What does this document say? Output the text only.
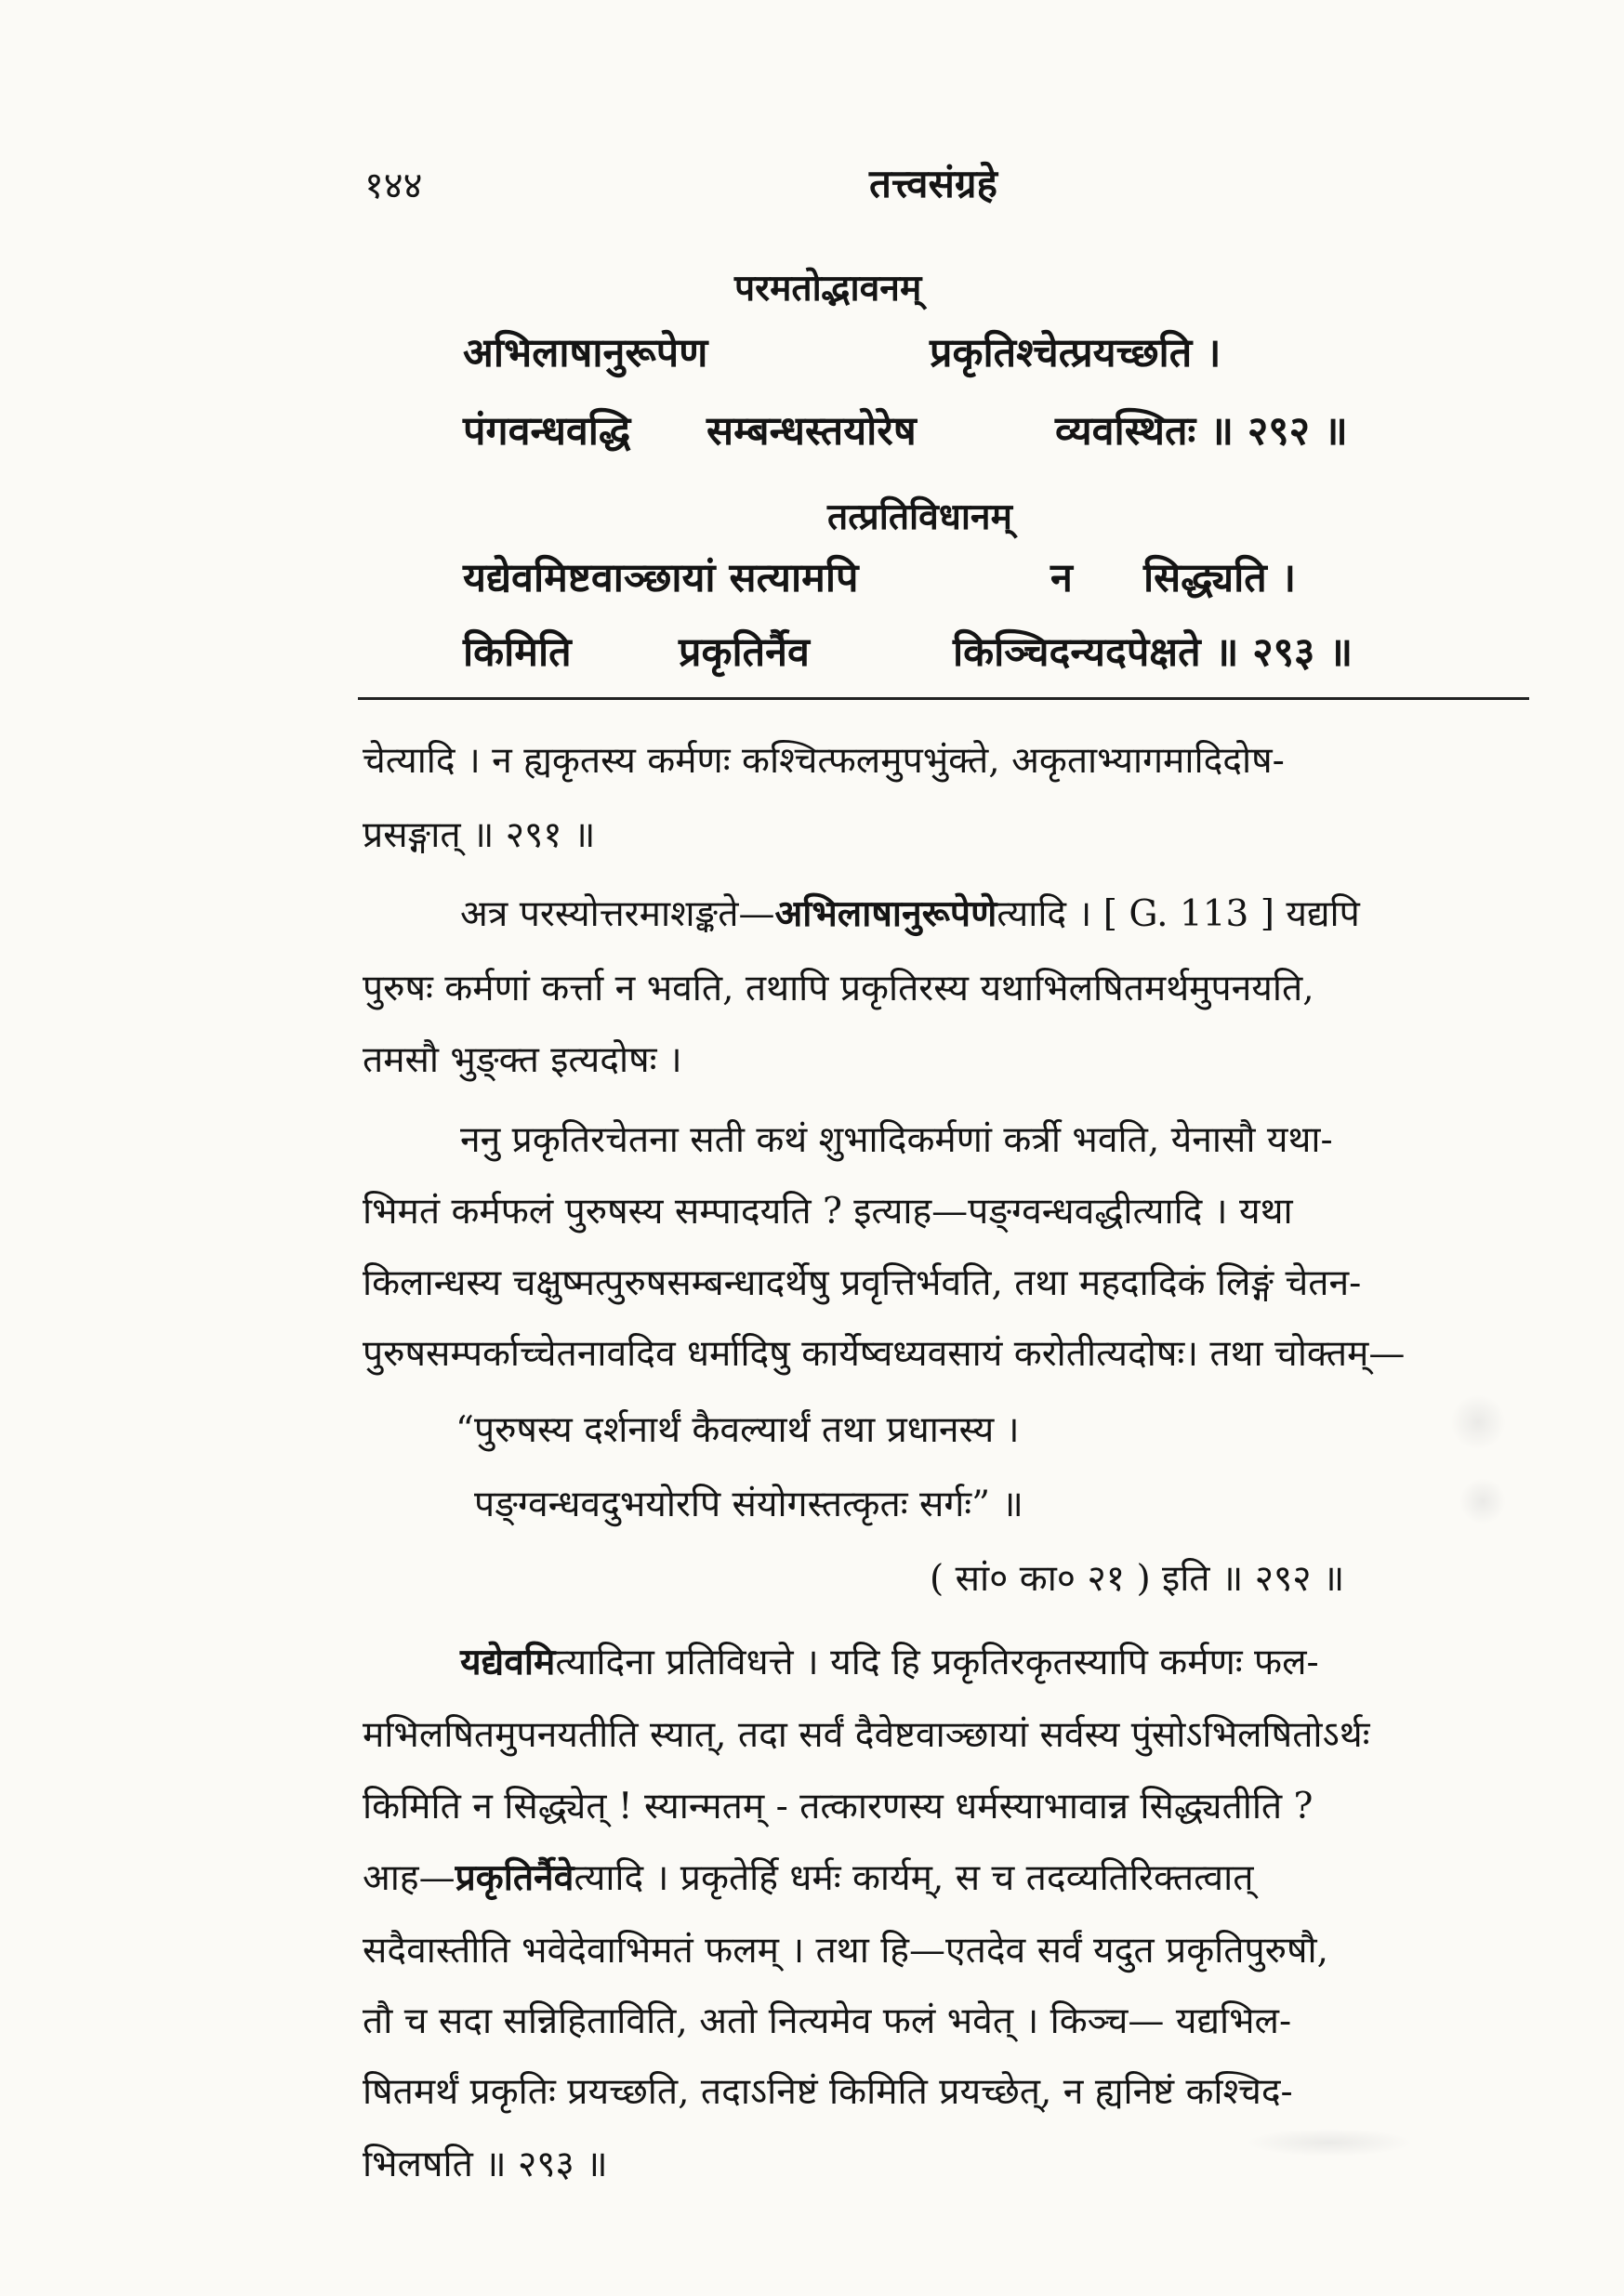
१४४	तत्त्वसंग्रहे
परमतोद्भावनम्
अभिलाषानुरूपेण	प्रकृतिश्चेत्प्रयच्छति ।
पंगवन्धवद्धि सम्बन्धस्तयोरेष	व्यवस्थितः ॥ २९२ ॥
तत्प्रतिविधानम्
यद्येवमिष्टवाञ्छायां सत्यामपि	न सिद्ध्यति ।
किमिति	प्रकृतिर्नैव	किञ्चिदन्यदपेक्षते ॥ २९३ ॥
चेत्यादि । न ह्यकृतस्य कर्मणः कश्चित्फलमुपभुंक्ते, अकृताभ्यागमादिदोष-
प्रसङ्गात् ॥ २९१ ॥
अत्र परस्योत्तरमाशङ्कते—अभिलाषानुरूपेणेत्यादि । [ G. 113 ] यद्यपि
पुरुषः कर्मणां कर्त्ता न भवति, तथापि प्रकृतिरस्य यथाभिलषितमर्थमुपनयति,
तमसौ भुङ्क्त इत्यदोषः ।
ननु प्रकृतिरचेतना सती कथं शुभादिकर्मणां कर्त्री भवति, येनासौ यथा-
भिमतं कर्मफलं पुरुषस्य सम्पादयति ? इत्याह—पङ्ग्वन्धवद्धीत्यादि । यथा
किलान्धस्य चक्षुष्मत्पुरुषसम्बन्धादर्थेषु प्रवृत्तिर्भवति, तथा महदादिकं लिङ्गं चेतन-
पुरुषसम्पर्काच्चेतनावदिव धर्मादिषु कार्येष्वध्यवसायं करोतीत्यदोषः। तथा चोक्तम्—
“पुरुषस्य दर्शनार्थं कैवल्यार्थं तथा प्रधानस्य ।
पङ्ग्वन्धवदुभयोरपि संयोगस्तत्कृतः सर्गः” ॥
( सां० का० २१ ) इति ॥ २९२ ॥
यद्येवमित्यादिना प्रतिविधत्ते । यदि हि प्रकृतिरकृतस्यापि कर्मणः फल-
मभिलषितमुपनयतीति स्यात्, तदा सर्वं दैवेष्टवाञ्छायां सर्वस्य पुंसोऽभिलषितोऽर्थः
किमिति न सिद्ध्येत् ! स्यान्मतम् - तत्कारणस्य धर्मस्याभावान्न सिद्ध्यतीति ?
आह—प्रकृतिर्नैवेत्यादि । प्रकृतेर्हि धर्मः कार्यम्, स च तदव्यतिरिक्तत्वात्
सदैवास्तीति भवेदेवाभिमतं फलम् । तथा हि—एतदेव सर्वं यदुत प्रकृतिपुरुषौ,
तौ च सदा सन्निहिताविति, अतो नित्यमेव फलं भवेत् । किञ्च— यद्यभिल-
षितमर्थं प्रकृतिः प्रयच्छति, तदाऽनिष्टं किमिति प्रयच्छेत्, न ह्यनिष्टं कश्चिद-
भिलषति ॥ २९३ ॥
